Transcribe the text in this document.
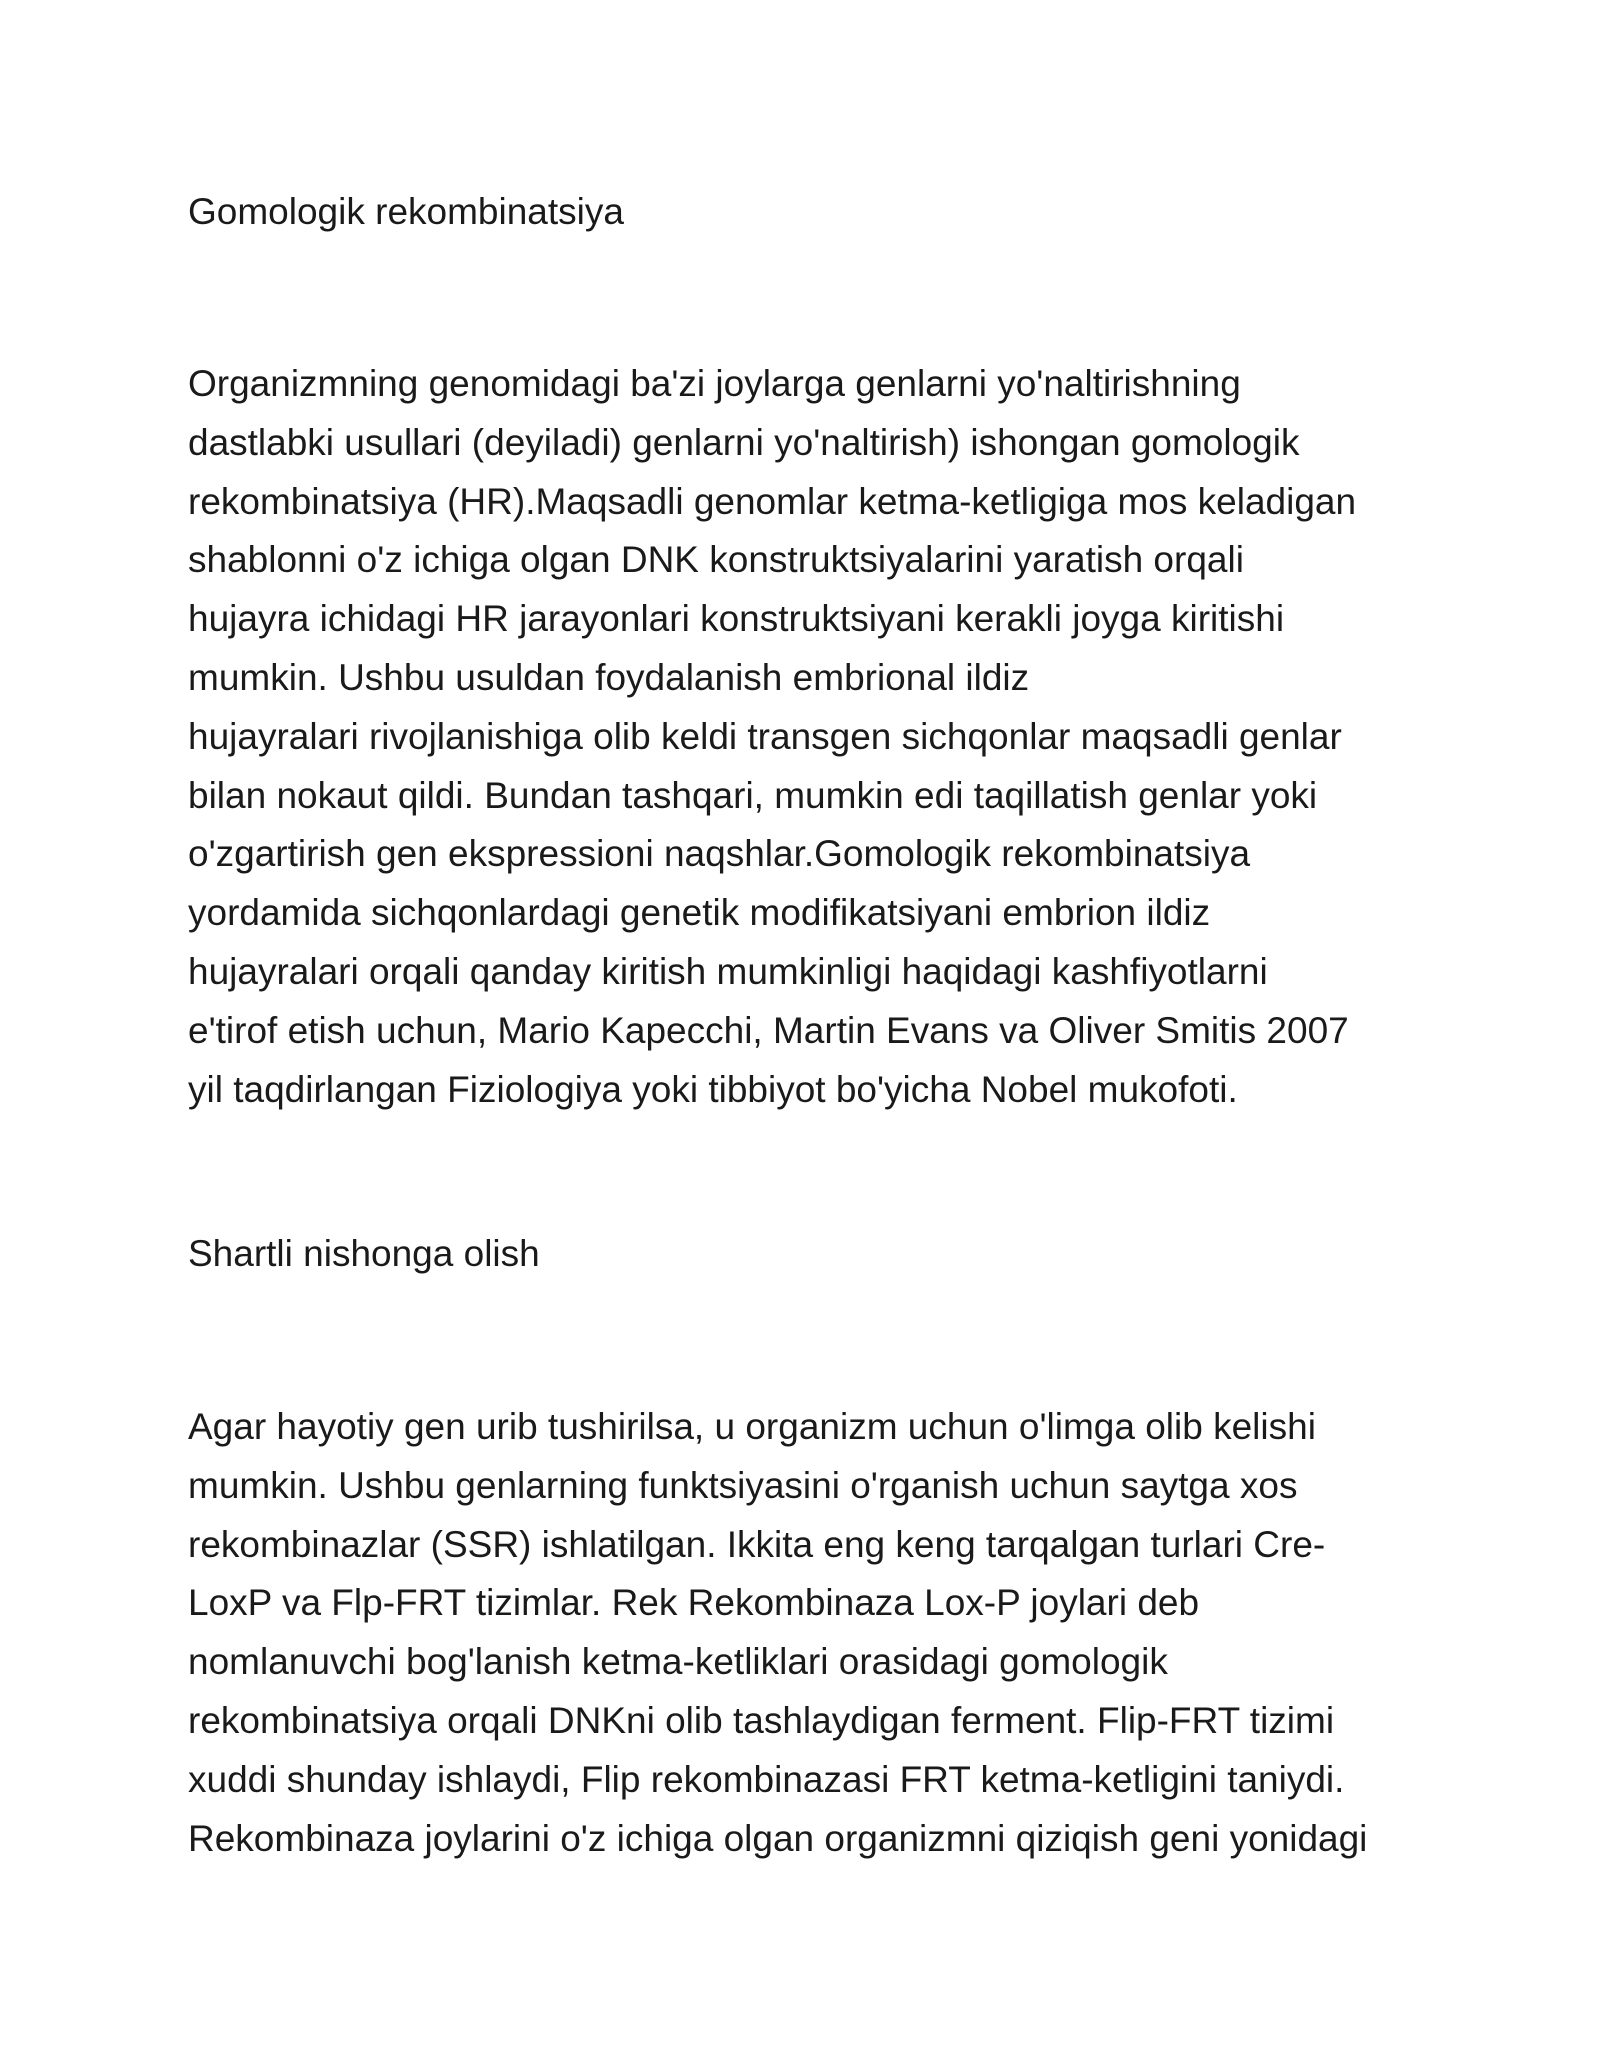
Gomologik rekombinatsiya
Organizmning genomidagi ba'zi joylarga genlarni yo'naltirishning
dastlabki usullari (deyiladi) genlarni yo'naltirish) ishongan gomologik
rekombinatsiya (HR).Maqsadli genomlar ketma-ketligiga mos keladigan
shablonni o'z ichiga olgan DNK konstruktsiyalarini yaratish orqali
hujayra ichidagi HR jarayonlari konstruktsiyani kerakli joyga kiritishi
mumkin. Ushbu usuldan foydalanish embrional ildiz
hujayralari rivojlanishiga olib keldi transgen sichqonlar maqsadli genlar
bilan nokaut qildi. Bundan tashqari, mumkin edi taqillatish genlar yoki
o'zgartirish gen ekspressioni naqshlar.Gomologik rekombinatsiya
yordamida sichqonlardagi genetik modifikatsiyani embrion ildiz
hujayralari orqali qanday kiritish mumkinligi haqidagi kashfiyotlarni
e'tirof etish uchun, Mario Kapecchi, Martin Evans va Oliver Smitis 2007
yil taqdirlangan Fiziologiya yoki tibbiyot bo'yicha Nobel mukofoti.
Shartli nishonga olish
Agar hayotiy gen urib tushirilsa, u organizm uchun o'limga olib kelishi
mumkin. Ushbu genlarning funktsiyasini o'rganish uchun saytga xos
rekombinazlar (SSR) ishlatilgan. Ikkita eng keng tarqalgan turlari Cre-
LoxP va Flp-FRT tizimlar. Rek Rekombinaza Lox-P joylari deb
nomlanuvchi bog'lanish ketma-ketliklari orasidagi gomologik
rekombinatsiya orqali DNKni olib tashlaydigan ferment. Flip-FRT tizimi
xuddi shunday ishlaydi, Flip rekombinazasi FRT ketma-ketligini taniydi.
Rekombinaza joylarini o'z ichiga olgan organizmni qiziqish geni yonidagi
